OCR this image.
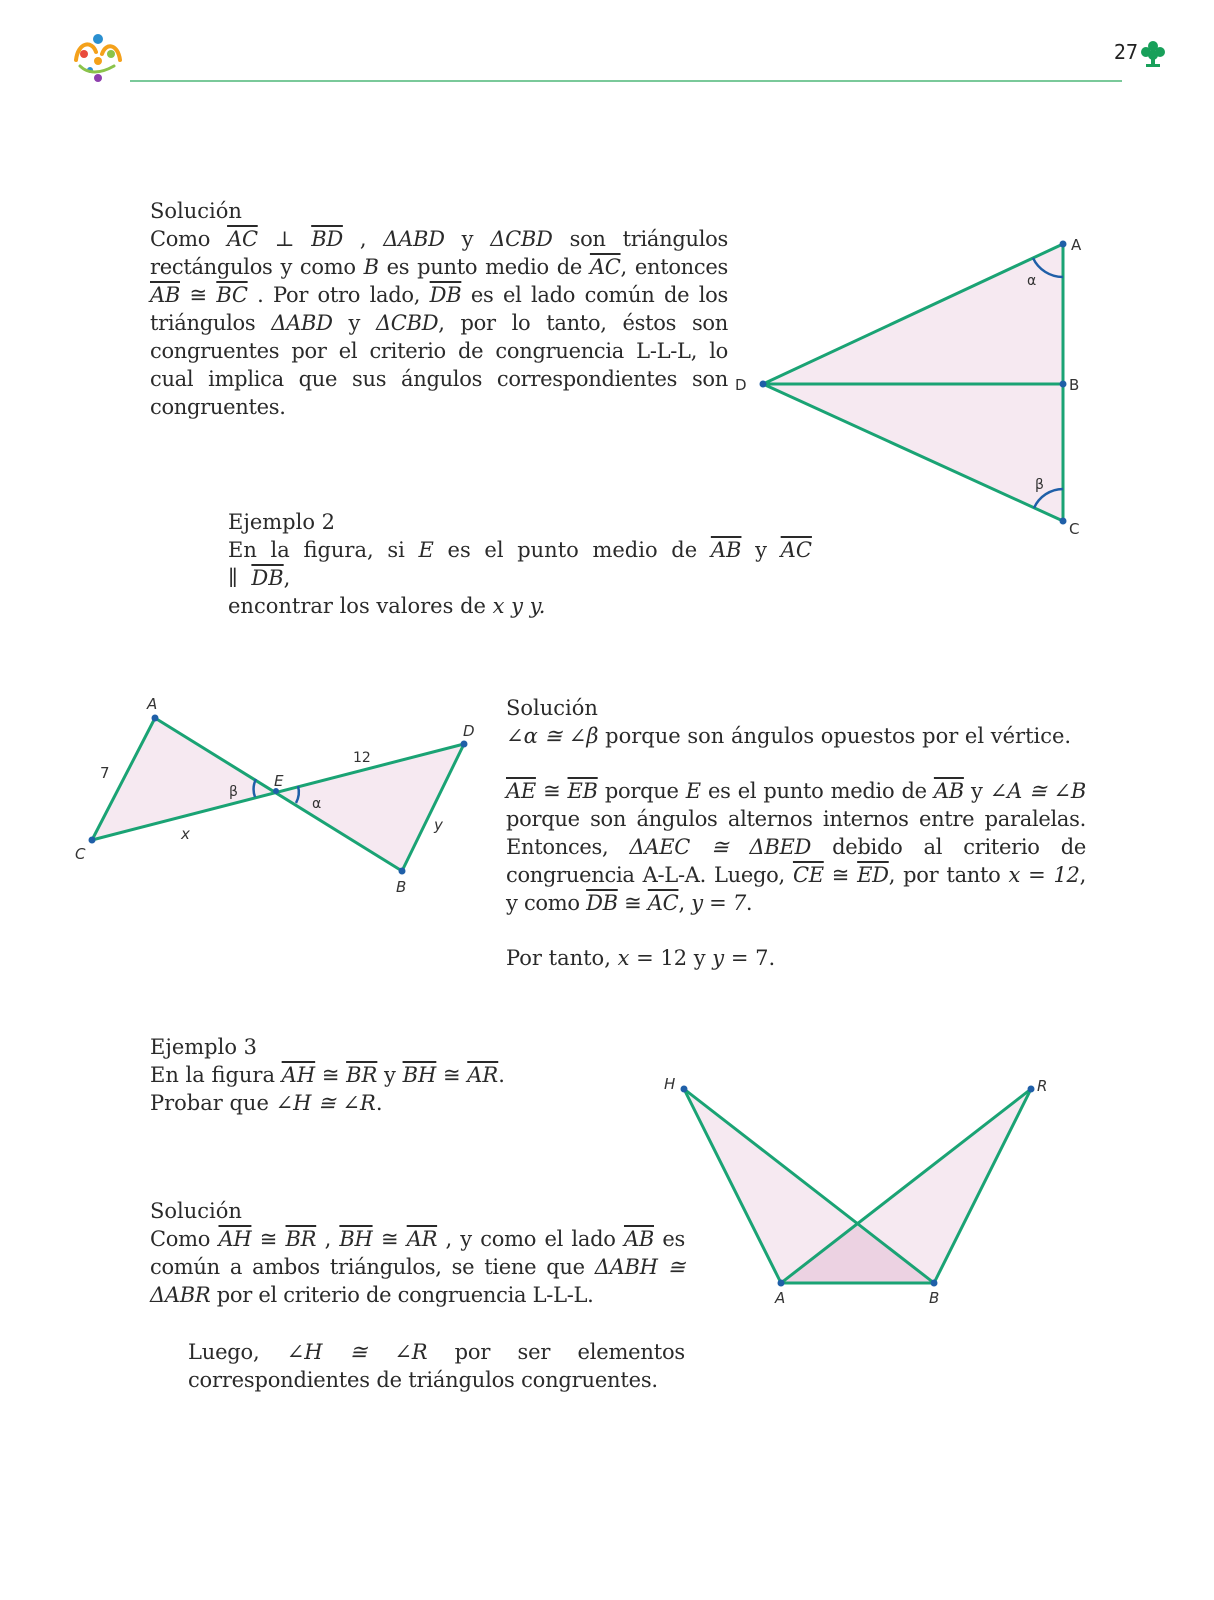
27

Solución

Como $\overline{AC}$ ⊥ $\overline{BD}$ , ΔABD y ΔCBD son triángulos rectángulos y como B es punto medio de $\overline{AC}$, entonces $\overline{AB}$ ≅ $\overline{BC}$ . Por otro lado, $\overline{DB}$ es el lado común de los triángulos ΔABD y ΔCBD, por lo tanto, éstos son congruentes por el criterio de congruencia L-L-L, lo cual implica que sus ángulos correspondientes son congruentes.

A
B
C
D
α
β

Ejemplo 2

En la figura, si E es el punto medio de $\overline{AB}$ y $\overline{AC}$ ∥ $\overline{DB}$,

encontrar los valores de x y y.

A
B
C
D
E
7
12
x	y
β
α

Solución

∠α ≅ ∠β porque son ángulos opuestos por el vértice.

$\overline{AE}$ ≅ $\overline{EB}$ porque E es el punto medio de $\overline{AB}$ y ∠A ≅ ∠B porque son ángulos alternos internos entre paralelas. Entonces, ΔAEC ≅ ΔBED debido al criterio de congruencia A-L-A. Luego, $\overline{CE}$ ≅ $\overline{ED}$, por tanto x = 12, y como $\overline{DB}$ ≅ $\overline{AC}$, y = 7.

Por tanto, x = 12 y y = 7.

Ejemplo 3

En la figura $\overline{AH}$ ≅ $\overline{BR}$ y $\overline{BH}$ ≅ $\overline{AR}$.

Probar que ∠H ≅ ∠R.

H	R
A	B

Solución

Como $\overline{AH}$ ≅ $\overline{BR}$ , $\overline{BH}$ ≅ $\overline{AR}$ , y como el lado $\overline{AB}$ es común a ambos triángulos, se tiene que ΔABH ≅ ΔABR por el criterio de congruencia L-L-L.

Luego, ∠H ≅ ∠R por ser elementos correspondientes de triángulos congruentes.
